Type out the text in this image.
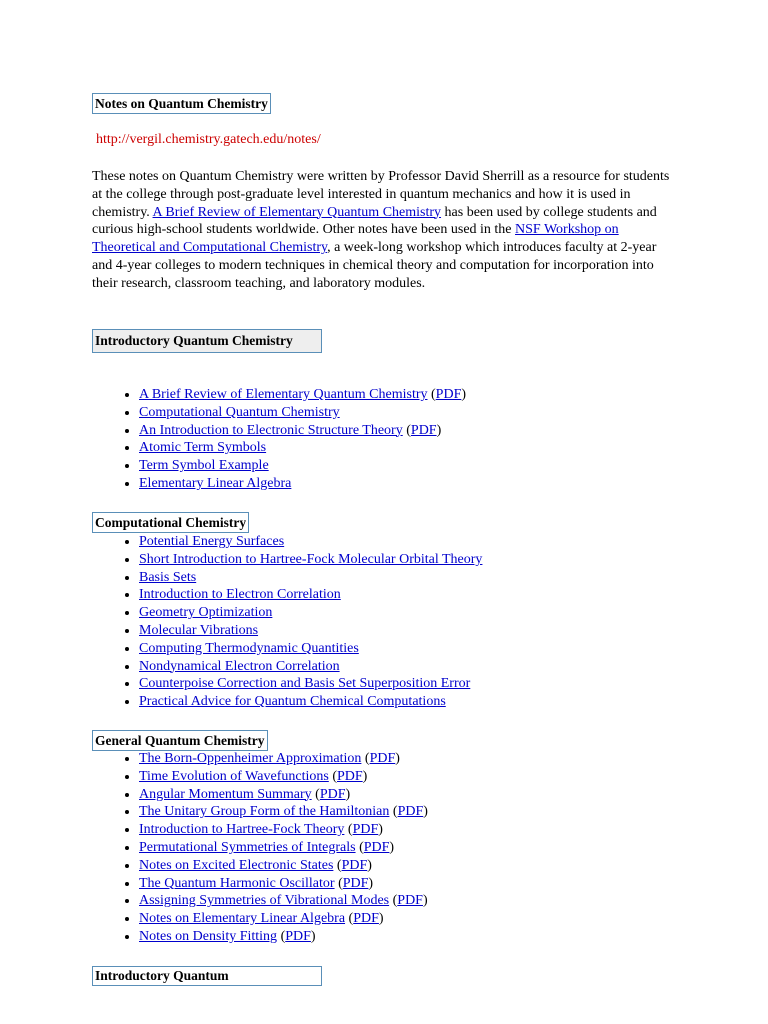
Notes on Quantum Chemistry

http://vergil.chemistry.gatech.edu/notes/

These notes on Quantum Chemistry were written by Professor David Sherrill as a resource for students at the college through post-graduate level interested in quantum mechanics and how it is used in chemistry. A Brief Review of Elementary Quantum Chemistry has been used by college students and curious high-school students worldwide. Other notes have been used in the NSF Workshop on Theoretical and Computational Chemistry, a week-long workshop which introduces faculty at 2-year and 4-year colleges to modern techniques in chemical theory and computation for incorporation into their research, classroom teaching, and laboratory modules.

Introductory Quantum Chemistry
• A Brief Review of Elementary Quantum Chemistry (PDF)
• Computational Quantum Chemistry
• An Introduction to Electronic Structure Theory (PDF)
• Atomic Term Symbols
• Term Symbol Example
• Elementary Linear Algebra
Computational Chemistry
• Potential Energy Surfaces
• Short Introduction to Hartree-Fock Molecular Orbital Theory
• Basis Sets
• Introduction to Electron Correlation
• Geometry Optimization
• Molecular Vibrations
• Computing Thermodynamic Quantities
• Nondynamical Electron Correlation
• Counterpoise Correction and Basis Set Superposition Error
• Practical Advice for Quantum Chemical Computations
General Quantum Chemistry
• The Born-Oppenheimer Approximation (PDF)
• Time Evolution of Wavefunctions (PDF)
• Angular Momentum Summary (PDF)
• The Unitary Group Form of the Hamiltonian (PDF)
• Introduction to Hartree-Fock Theory (PDF)
• Permutational Symmetries of Integrals (PDF)
• Notes on Excited Electronic States (PDF)
• The Quantum Harmonic Oscillator (PDF)
• Assigning Symmetries of Vibrational Modes (PDF)
• Notes on Elementary Linear Algebra (PDF)
• Notes on Density Fitting (PDF)
Introductory Quantum
